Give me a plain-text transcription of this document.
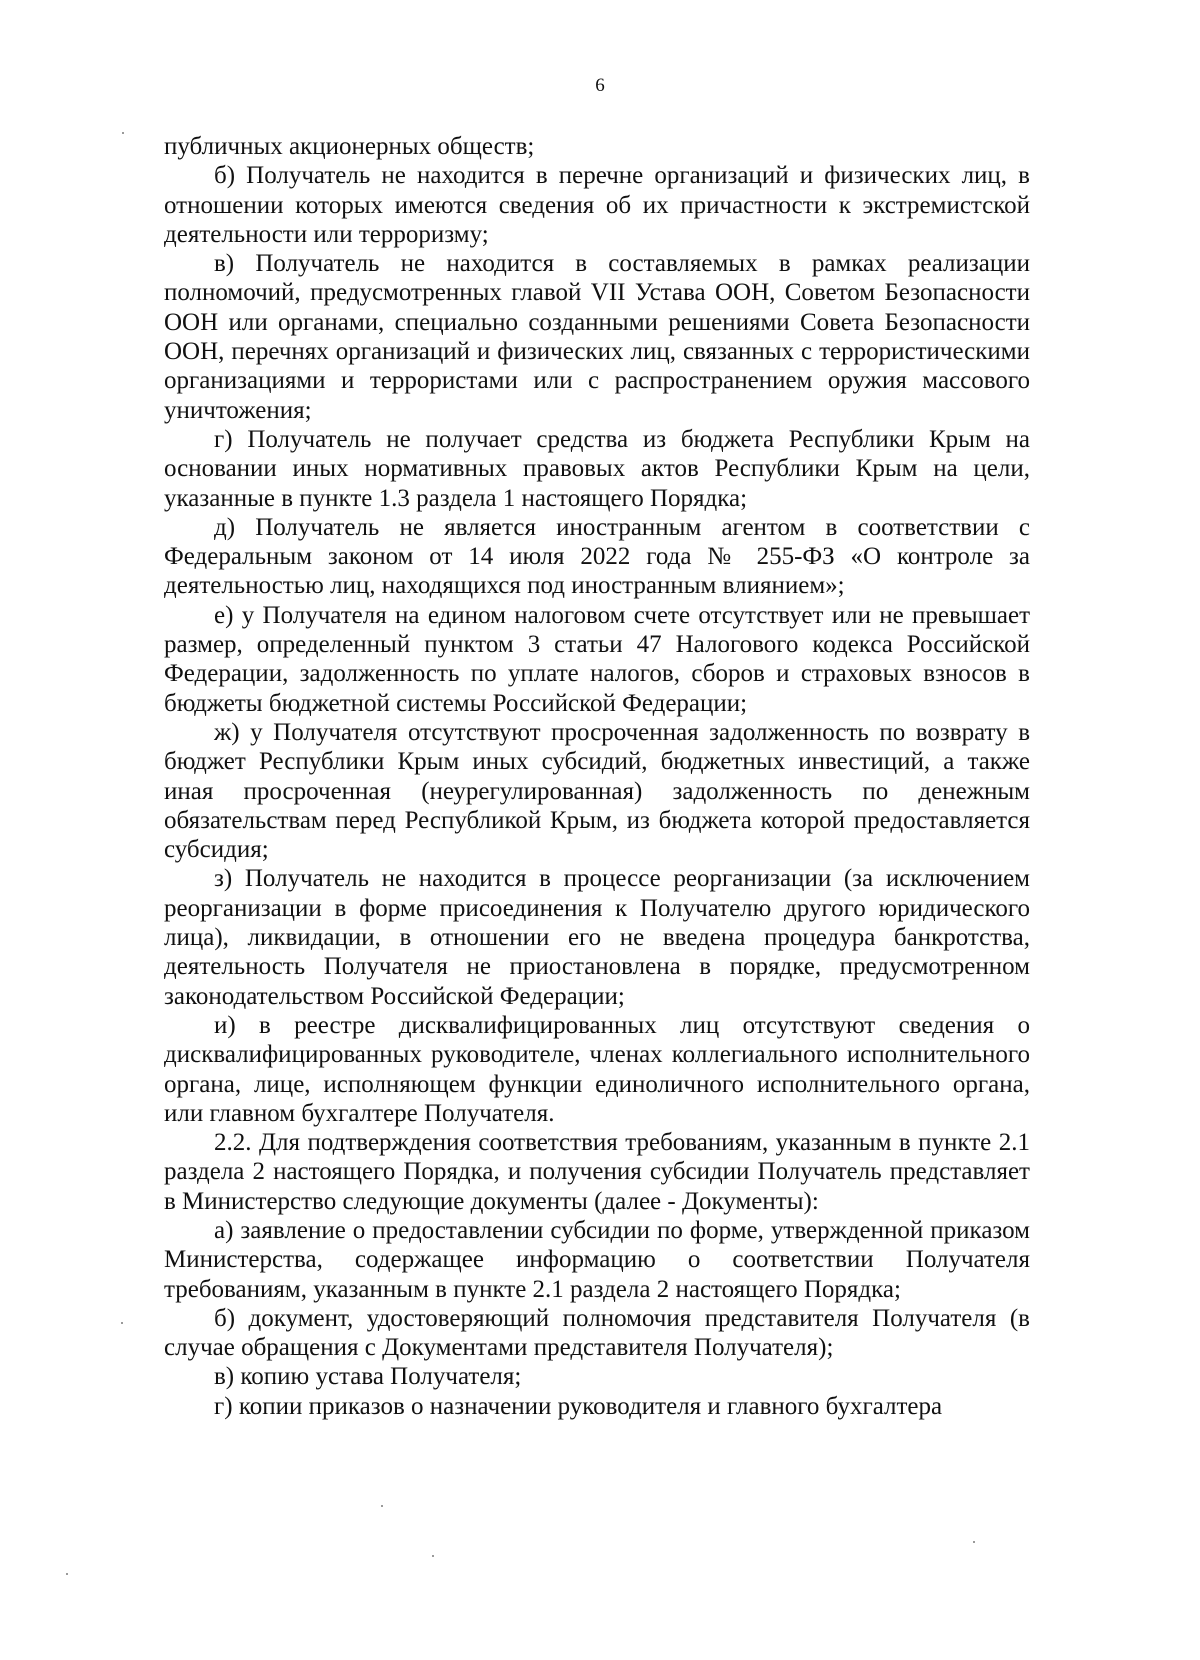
6

публичных акционерных обществ;

б) Получатель не находится в перечне организаций и физических лиц, в отношении которых имеются сведения об их причастности к экстремистской деятельности или терроризму;

в) Получатель не находится в составляемых в рамках реализации полномочий, предусмотренных главой VII Устава ООН, Советом Безопасности ООН или органами, специально созданными решениями Совета Безопасности ООН, перечнях организаций и физических лиц, связанных с террористическими организациями и террористами или с распространением оружия массового уничтожения;

г) Получатель не получает средства из бюджета Республики Крым на основании иных нормативных правовых актов Республики Крым на цели, указанные в пункте 1.3 раздела 1 настоящего Порядка;

д) Получатель не является иностранным агентом в соответствии с Федеральным законом от 14 июля 2022 года № 255-ФЗ «О контроле за деятельностью лиц, находящихся под иностранным влиянием»;

е) у Получателя на едином налоговом счете отсутствует или не превышает размер, определенный пунктом 3 статьи 47 Налогового кодекса Российской Федерации, задолженность по уплате налогов, сборов и страховых взносов в бюджеты бюджетной системы Российской Федерации;

ж) у Получателя отсутствуют просроченная задолженность по возврату в бюджет Республики Крым иных субсидий, бюджетных инвестиций, а также иная просроченная (неурегулированная) задолженность по денежным обязательствам перед Республикой Крым, из бюджета которой предоставляется субсидия;

з) Получатель не находится в процессе реорганизации (за исключением реорганизации в форме присоединения к Получателю другого юридического лица), ликвидации, в отношении его не введена процедура банкротства, деятельность Получателя не приостановлена в порядке, предусмотренном законодательством Российской Федерации;

и) в реестре дисквалифицированных лиц отсутствуют сведения о дисквалифицированных руководителе, членах коллегиального исполнительного органа, лице, исполняющем функции единоличного исполнительного органа, или главном бухгалтере Получателя.

2.2. Для подтверждения соответствия требованиям, указанным в пункте 2.1 раздела 2 настоящего Порядка, и получения субсидии Получатель представляет в Министерство следующие документы (далее - Документы):

а) заявление о предоставлении субсидии по форме, утвержденной приказом Министерства, содержащее информацию о соответствии Получателя требованиям, указанным в пункте 2.1 раздела 2 настоящего Порядка;

б) документ, удостоверяющий полномочия представителя Получателя (в случае обращения с Документами представителя Получателя);

в) копию устава Получателя;

г) копии приказов о назначении руководителя и главного бухгалтера
